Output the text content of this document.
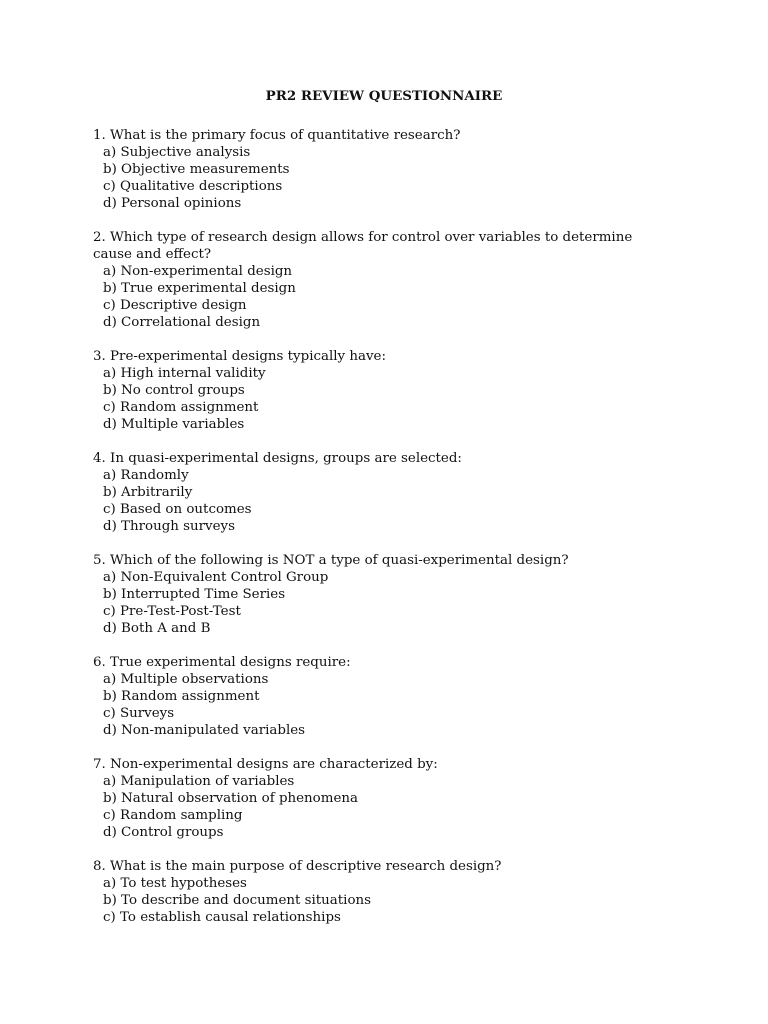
PR2 REVIEW QUESTIONNAIRE

1. What is the primary focus of quantitative research?

a) Subjective analysis
b) Objective measurements
c) Qualitative descriptions
d) Personal opinions

2. Which type of research design allows for control over variables to determine cause and effect?

a) Non-experimental design
b) True experimental design
c) Descriptive design
d) Correlational design

3. Pre-experimental designs typically have:

a) High internal validity
b) No control groups
c) Random assignment
d) Multiple variables

4. In quasi-experimental designs, groups are selected:

a) Randomly
b) Arbitrarily
c) Based on outcomes
d) Through surveys

5. Which of the following is NOT a type of quasi-experimental design?

a) Non-Equivalent Control Group
b) Interrupted Time Series
c) Pre-Test-Post-Test
d) Both A and B

6. True experimental designs require:

a) Multiple observations
b) Random assignment
c) Surveys
d) Non-manipulated variables

7. Non-experimental designs are characterized by:

a) Manipulation of variables
b) Natural observation of phenomena
c) Random sampling
d) Control groups

8. What is the main purpose of descriptive research design?

a) To test hypotheses
b) To describe and document situations
c) To establish causal relationships
